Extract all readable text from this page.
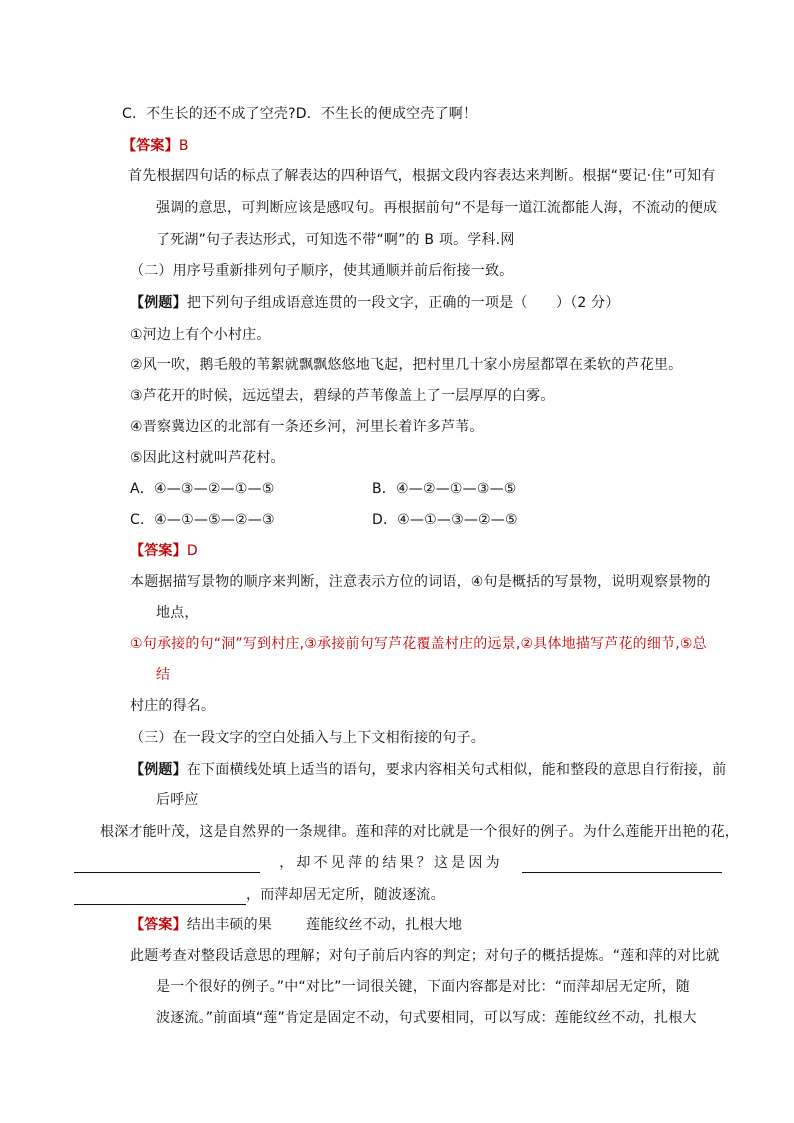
C．不生长的还不成了空壳?D．不生长的便成空壳了啊！
【答案】B
首先根据四句话的标点了解表达的四种语气，根据文段内容表达来判断。根据“要记·住”可知有
强调的意思，可判断应该是感叹句。再根据前句“不是每一道江流都能人海，不流动的便成
了死湖”句子表达形式，可知选不带“啊”的 B 项。学科.网
（二）用序号重新排列句子顺序，使其通顺并前后衔接一致。
【例题】把下列句子组成语意连贯的一段文字，正确的一项是（　　）（2 分）
①河边上有个小村庄。
②风一吹，鹅毛般的苇絮就飘飘悠悠地飞起，把村里几十家小房屋都罩在柔软的芦花里。
③芦花开的时候，远远望去，碧绿的芦苇像盖上了一层厚厚的白雾。
④晋察冀边区的北部有一条还乡河，河里长着许多芦苇。
⑤因此这村就叫芦花村。
A．④—③—②—①—⑤	B．④—②—①—③—⑤
C．④—①—⑤—②—③	D．④—①—③—②—⑤
【答案】D
本题据描写景物的顺序来判断，注意表示方位的词语，④句是概括的写景物，说明观察景物的
地点，
①句承接的句“洞”写到村庄,③承接前句写芦花覆盖村庄的远景,②具体地描写芦花的细节,⑤总
结
村庄的得名。
（三）在一段文字的空白处插入与上下文相衔接的句子。
【例题】在下面横线处填上适当的语句，要求内容相关句式相似，能和整段的意思自行衔接，前
后呼应
根深才能叶茂，这是自然界的一条规律。莲和萍的对比就是一个很好的例子。为什么莲能开出艳的花，
，却不见萍的结果？这是因为
，而萍却居无定所，随波逐流。
【答案】结出丰硕的果 莲能纹丝不动，扎根大地
此题考查对整段话意思的理解；对句子前后内容的判定；对句子的概括提炼。“莲和萍的对比就
是一个很好的例子。”中“对比”一词很关键，下面内容都是对比：“而萍却居无定所，随
波逐流。”前面填“莲”肯定是固定不动，句式要相同，可以写成：莲能纹丝不动，扎根大
